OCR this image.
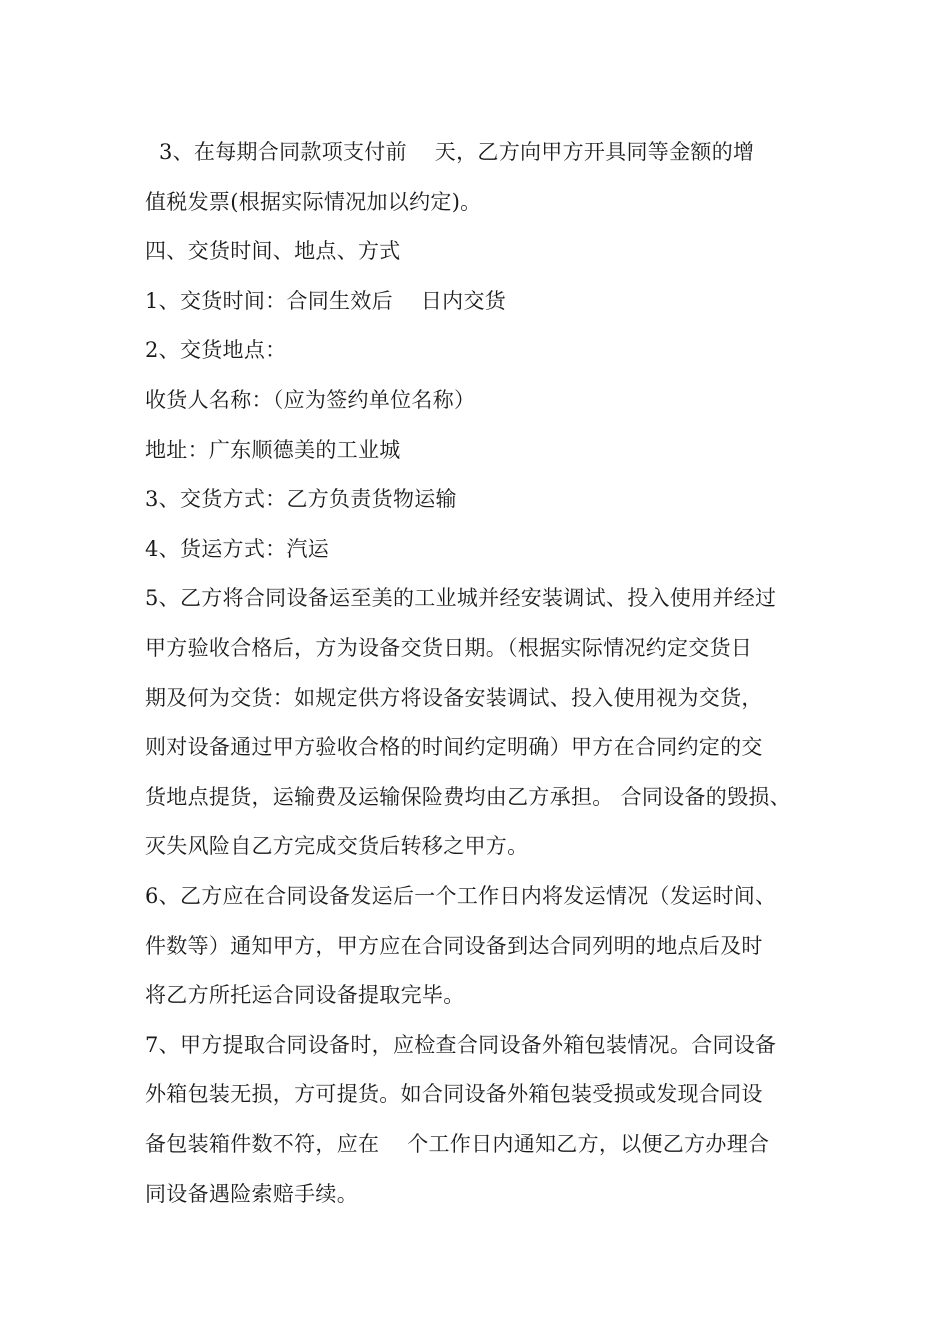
3、在每期合同款项支付前    天，乙方向甲方开具同等金额的增
值税发票(根据实际情况加以约定)。
四、交货时间、地点、方式
1、交货时间：合同生效后    日内交货
2、交货地点：
收货人名称：（应为签约单位名称）
地址：广东顺德美的工业城
3、交货方式：乙方负责货物运输
4、货运方式：汽运
5、乙方将合同设备运至美的工业城并经安装调试、投入使用并经过
甲方验收合格后，方为设备交货日期。（根据实际情况约定交货日
期及何为交货：如规定供方将设备安装调试、投入使用视为交货，
则对设备通过甲方验收合格的时间约定明确）甲方在合同约定的交
货地点提货，运输费及运输保险费均由乙方承担。 合同设备的毁损、
灭失风险自乙方完成交货后转移之甲方。
6、乙方应在合同设备发运后一个工作日内将发运情况（发运时间、
件数等）通知甲方，甲方应在合同设备到达合同列明的地点后及时
将乙方所托运合同设备提取完毕。
7、甲方提取合同设备时，应检查合同设备外箱包装情况。合同设备
外箱包装无损，方可提货。如合同设备外箱包装受损或发现合同设
备包装箱件数不符，应在    个工作日内通知乙方，以便乙方办理合
同设备遇险索赔手续。
